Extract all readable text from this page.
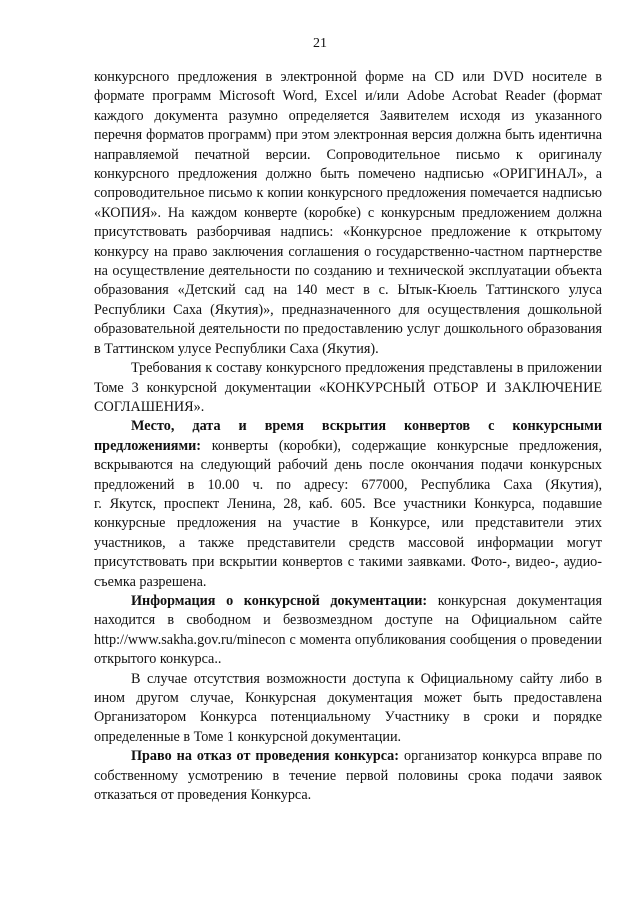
21

конкурсного предложения в электронной форме на CD или DVD носителе в формате программ Microsoft Word, Excel и/или Adobe Acrobat Reader (формат каждого документа разумно определяется Заявителем исходя из указанного перечня форматов программ) при этом электронная версия должна быть идентична направляемой печатной версии. Сопроводительное письмо к оригиналу конкурсного предложения должно быть помечено надписью «ОРИГИНАЛ», а сопроводительное письмо к копии конкурсного предложения помечается надписью «КОПИЯ». На каждом конверте (коробке) с конкурсным предложением должна присутствовать разборчивая надпись: «Конкурсное предложение к открытому конкурсу на право заключения соглашения о государственно-частном партнерстве на осуществление деятельности по созданию и технической эксплуатации объекта образования «Детский сад на 140 мест в с. Ытык-Кюель Таттинского улуса Республики Саха (Якутия)», предназначенного для осуществления дошкольной образовательной деятельности по предоставлению услуг дошкольного образования в Таттинском улусе Республики Саха (Якутия).

Требования к составу конкурсного предложения представлены в приложении Томе 3 конкурсной документации «КОНКУРСНЫЙ ОТБОР И ЗАКЛЮЧЕНИЕ СОГЛАШЕНИЯ».

Место, дата и время вскрытия конвертов с конкурсными предложениями: конверты (коробки), содержащие конкурсные предложения, вскрываются на следующий рабочий день после окончания подачи конкурсных предложений в 10.00 ч. по адресу: 677000, Республика Саха (Якутия),

г. Якутск, проспект Ленина, 28, каб. 605. Все участники Конкурса, подавшие конкурсные предложения на участие в Конкурсе, или представители этих участников, а также представители средств массовой информации могут присутствовать при вскрытии конвертов с такими заявками. Фото-, видео-, аудио- съемка разрешена.

Информация о конкурсной документации: конкурсная документация находится в свободном и безвозмездном доступе на Официальном сайте http://www.sakha.gov.ru/minecon с момента опубликования сообщения о проведении открытого конкурса..

В случае отсутствия возможности доступа к Официальному сайту либо в ином другом случае, Конкурсная документация может быть предоставлена Организатором Конкурса потенциальному Участнику в сроки и порядке определенные в Томе 1 конкурсной документации.

Право на отказ от проведения конкурса: организатор конкурса вправе по собственному усмотрению в течение первой половины срока подачи заявок отказаться от проведения Конкурса.
